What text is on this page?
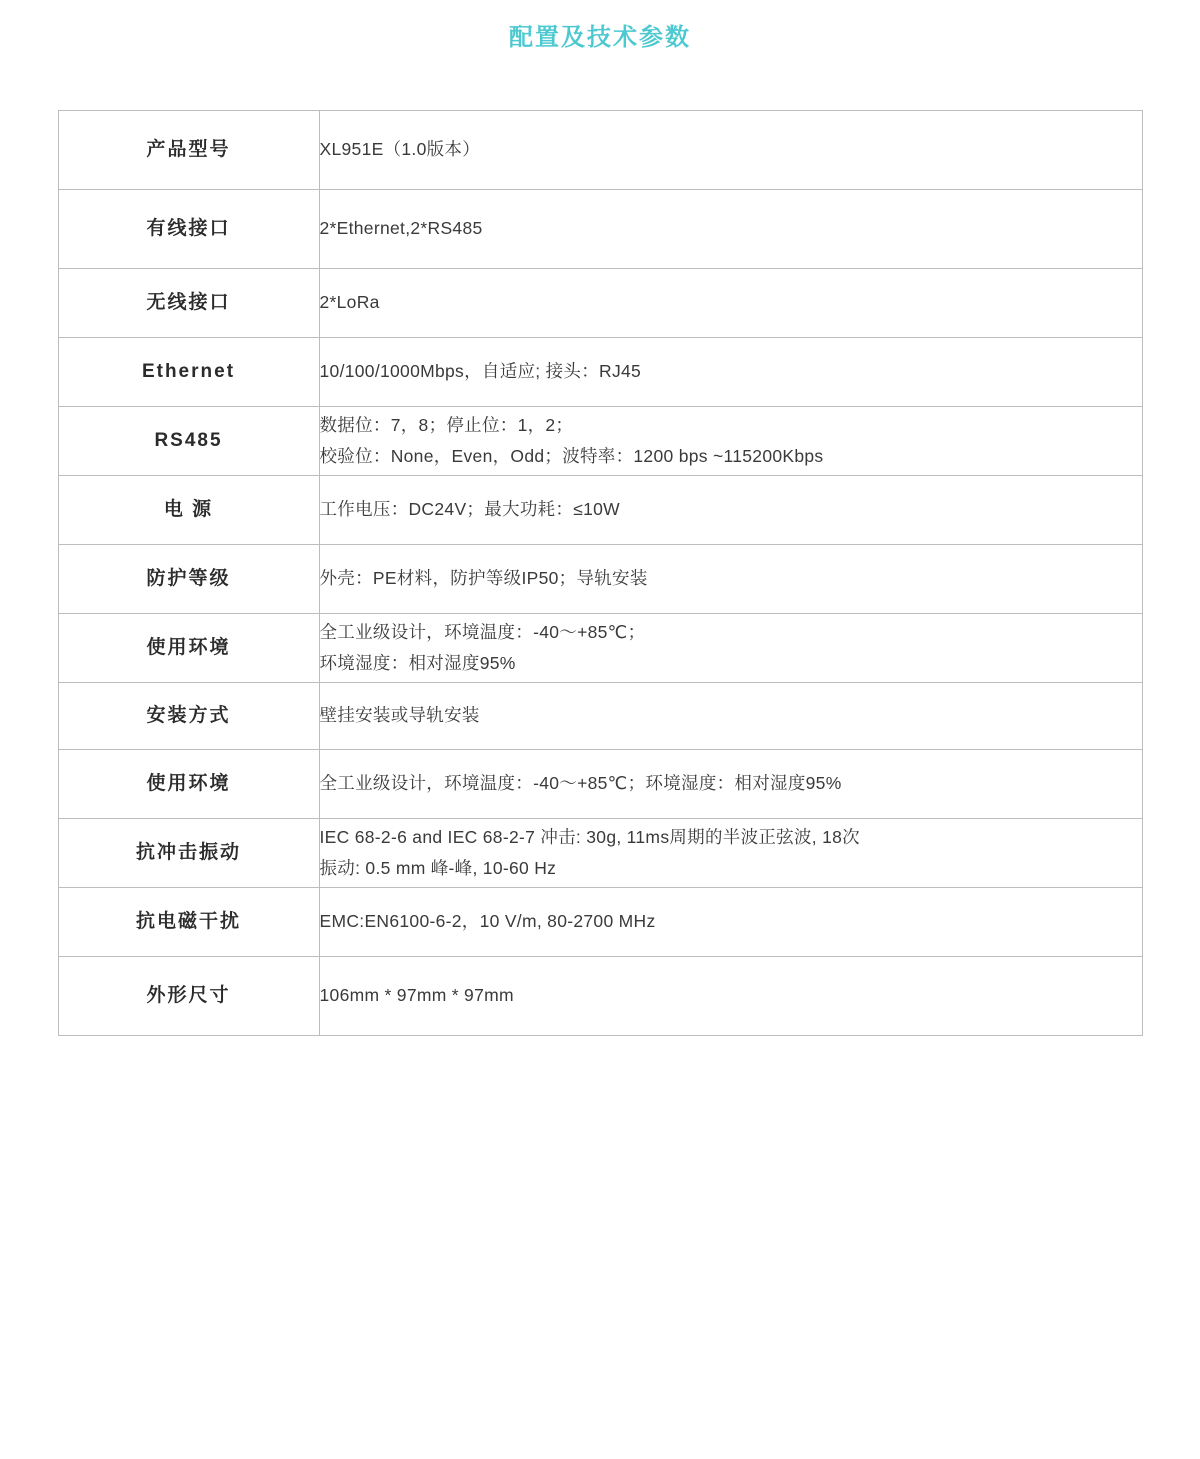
配置及技术参数
产品型号	XL951E（1.0版本）

有线接口	2*Ethernet,2*RS485

无线接口	2*LoRa

Ethernet	10/100/1000Mbps，自适应; 接头：RJ45

RS485	数据位：7，8；停止位：1，2；
校验位：None，Even，Odd；波特率：1200 bps ~115200Kbps

电 源	工作电压：DC24V；最大功耗：≤10W

防护等级	外壳：PE材料，防护等级IP50；导轨安装

使用环境	全工业级设计，环境温度：-40～+85℃；
环境湿度：相对湿度95%

安装方式	壁挂安装或导轨安装

使用环境	全工业级设计，环境温度：-40～+85℃；环境湿度：相对湿度95%

抗冲击振动	IEC 68-2-6 and IEC 68-2-7 冲击: 30g, 11ms周期的半波正弦波, 18次
振动: 0.5 mm 峰-峰, 10-60 Hz

抗电磁干扰	EMC:EN6100-6-2，10 V/m, 80-2700 MHz

外形尺寸	106mm * 97mm * 97mm
